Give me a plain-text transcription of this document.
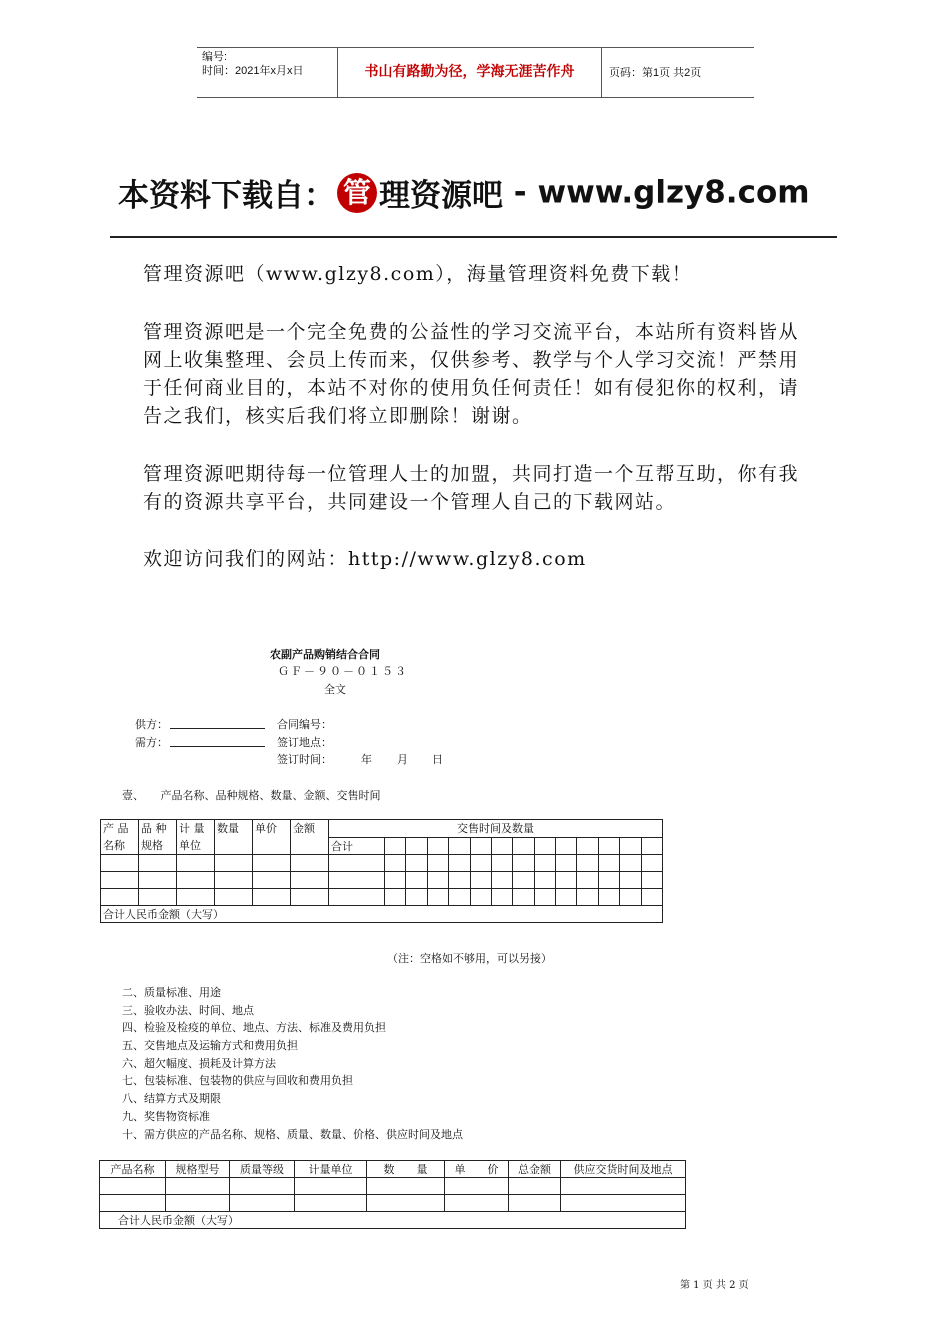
编号:
时间：2021年x月x日	书山有路勤为径，学海无涯苦作舟	页码：第1页 共2页
本资料下载自： 管 理资源吧 - www.glzy8.com
管理资源吧（www.glzy8.com），海量管理资料免费下载！
管理资源吧是一个完全免费的公益性的学习交流平台，本站所有资料皆从网上收集整理、会员上传而来，仅供参考、教学与个人学习交流！严禁用于任何商业目的，本站不对你的使用负任何责任！如有侵犯你的权利，请告之我们，核实后我们将立即删除！谢谢。
管理资源吧期待每一位管理人士的加盟，共同打造一个互帮互助，你有我有的资源共享平台，共同建设一个管理人自己的下载网站。
欢迎访问我们的网站：http://www.glzy8.com
农副产品购销结合合同
ＧＦ－９０－０１５３
全文
供方：
需方：
合同编号：
签订地点：
签订时间：	年 月 日
壹、　　产品名称、品种规格、数量、金额、交售时间
产 品名称	品 种规格	计 量单位	数量	单价	金额	交售时间及数量													
						合计													

合计人民币金额（大写）																			
（注：空格如不够用，可以另接）
二、质量标准、用途
三、验收办法、时间、地点
四、检验及检疫的单位、地点、方法、标准及费用负担
五、交售地点及运输方式和费用负担
六、超欠幅度、损耗及计算方法
七、包装标准、包装物的供应与回收和费用负担
八、结算方式及期限
九、奖售物资标准
十、需方供应的产品名称、规格、质量、数量、价格、供应时间及地点
产品名称	规格型号	质量等级	计量单位	数　　量	单　　价	总金额	供应交货时间及地点

合计人民币金额（大写）							
第 1 页 共 2 页
